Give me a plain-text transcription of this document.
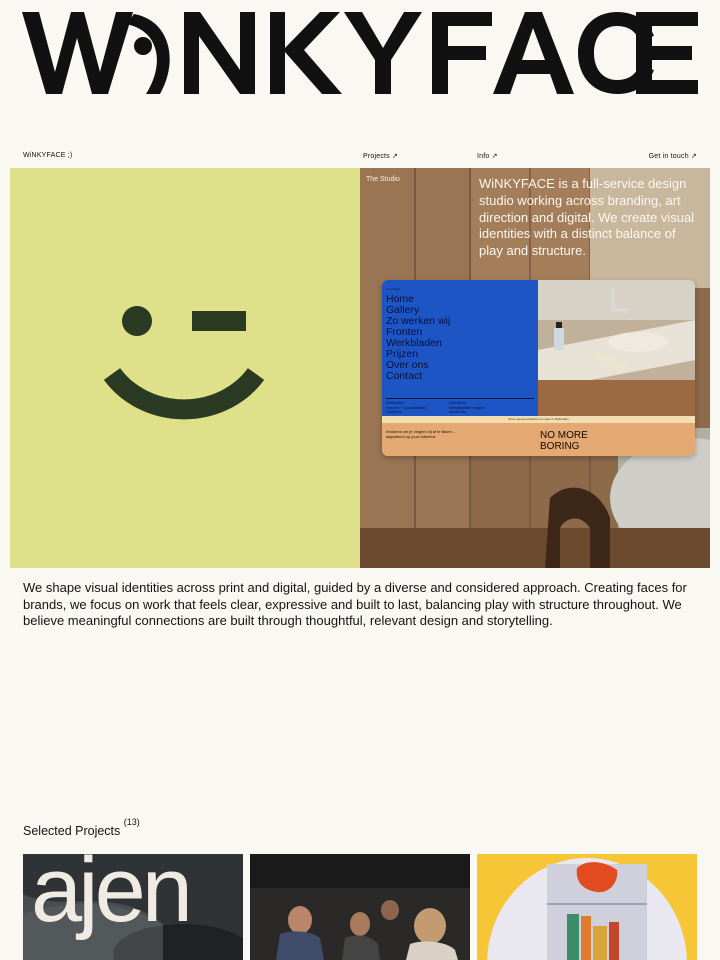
WiNKYFACE ;)	Projects ↗	Info ↗	Get in touch ↗
The Studio	WiNKYFACE is a full-service design studio working across branding, art direction and digital. We create visual identities with a distinct balance of play and structure.

Loremipsu
Home
Gallery
Zo werken wij
Fronten
Werkbladen
Prijzen
Over ons
Contact
Materialen
Kranen + Spoelbakken
Samples
Ons team
Veelgestelde vragen
Vacatures
Onze nieuwe showroom is open in Rotterdam
Keukens om je vingers bij af te likken – afgestemd op jouw interieur.	NO MORE
BORING

We shape visual identities across print and digital, guided by a diverse and considered approach. Creating faces for brands, we focus on work that feels clear, expressive and built to last, balancing play with structure throughout. We believe meaningful connections are built through thoughtful, relevant design and storytelling.

Selected Projects $^{(13)}$
ajen
